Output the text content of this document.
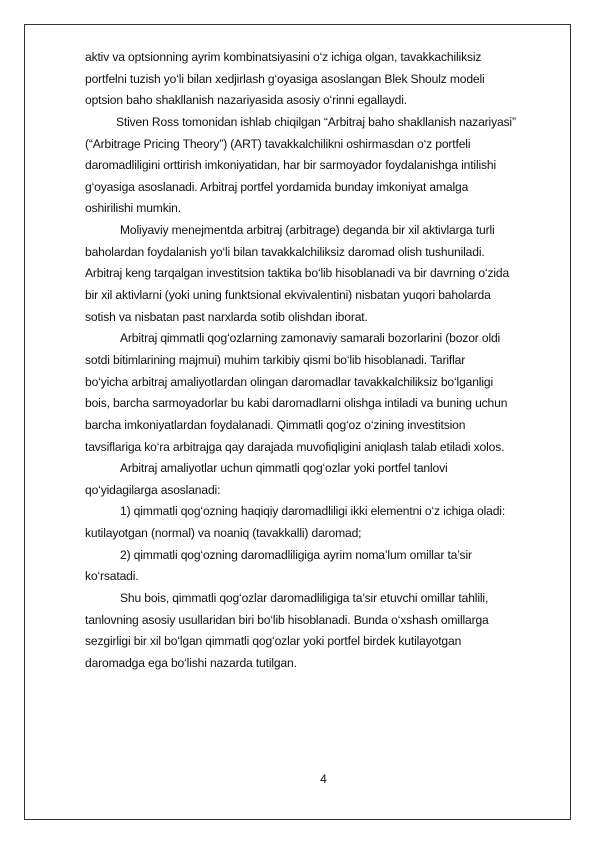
aktiv va optsionning ayrim kombinatsiyasini o‘z ichiga olgan, tavakkachiliksiz
portfelni tuzish yo‘li bilan xedjirlash g‘oyasiga asoslangan Blek Shoulz modeli
optsion baho shakllanish nazariyasida asosiy o‘rinni egallaydi.
Stiven Ross tomonidan ishlab chiqilgan “Arbitraj baho shakllanish nazariyasi”
(“Arbitrage Pricing Theory”) (ART) tavakkalchilikni oshirmasdan o‘z portfeli
daromadliligini orttirish imkoniyatidan, har bir sarmoyador foydalanishga intilishi
g‘oyasiga asoslanadi. Arbitraj portfel yordamida bunday imkoniyat amalga
oshirilishi mumkin.
Moliyaviy menejmentda arbitraj (arbitrage) deganda bir xil aktivlarga turli
baholardan foydalanish yo‘li bilan tavakkalchiliksiz daromad olish tushuniladi.
Arbitraj keng tarqalgan investitsion taktika bo‘lib hisoblanadi va bir davrning o‘zida
bir xil aktivlarni (yoki uning funktsional ekvivalentini) nisbatan yuqori baholarda
sotish va nisbatan past narxlarda sotib olishdan iborat.
Arbitraj qimmatli qog‘ozlarning zamonaviy samarali bozorlarini (bozor oldi
sotdi bitimlarining majmui) muhim tarkibiy qismi bo‘lib hisoblanadi. Tariflar
bo‘yicha arbitraj amaliyotlardan olingan daromadlar tavakkalchiliksiz bo‘lganligi
bois, barcha sarmoyadorlar bu kabi daromadlarni olishga intiladi va buning uchun
barcha imkoniyatlardan foydalanadi. Qimmatli qog‘oz o‘zining investitsion
tavsiflariga ko‘ra arbitrajga qay darajada muvofiqligini aniqlash talab etiladi xolos.
Arbitraj amaliyotlar uchun qimmatli qog‘ozlar yoki portfel tanlovi
qo‘yidagilarga asoslanadi:
1) qimmatli qog‘ozning haqiqiy daromadliligi ikki elementni o‘z ichiga oladi:
kutilayotgan (normal) va noaniq (tavakkalli) daromad;
2) qimmatli qog‘ozning daromadliligiga ayrim noma’lum omillar ta’sir
ko‘rsatadi.
Shu bois, qimmatli qog‘ozlar daromadliligiga ta’sir etuvchi omillar tahlili,
tanlovning asosiy usullaridan biri bo‘lib hisoblanadi. Bunda o‘xshash omillarga
sezgirligi bir xil bo‘lgan qimmatli qog‘ozlar yoki portfel birdek kutilayotgan
daromadga ega bo‘lishi nazarda tutilgan.
4
